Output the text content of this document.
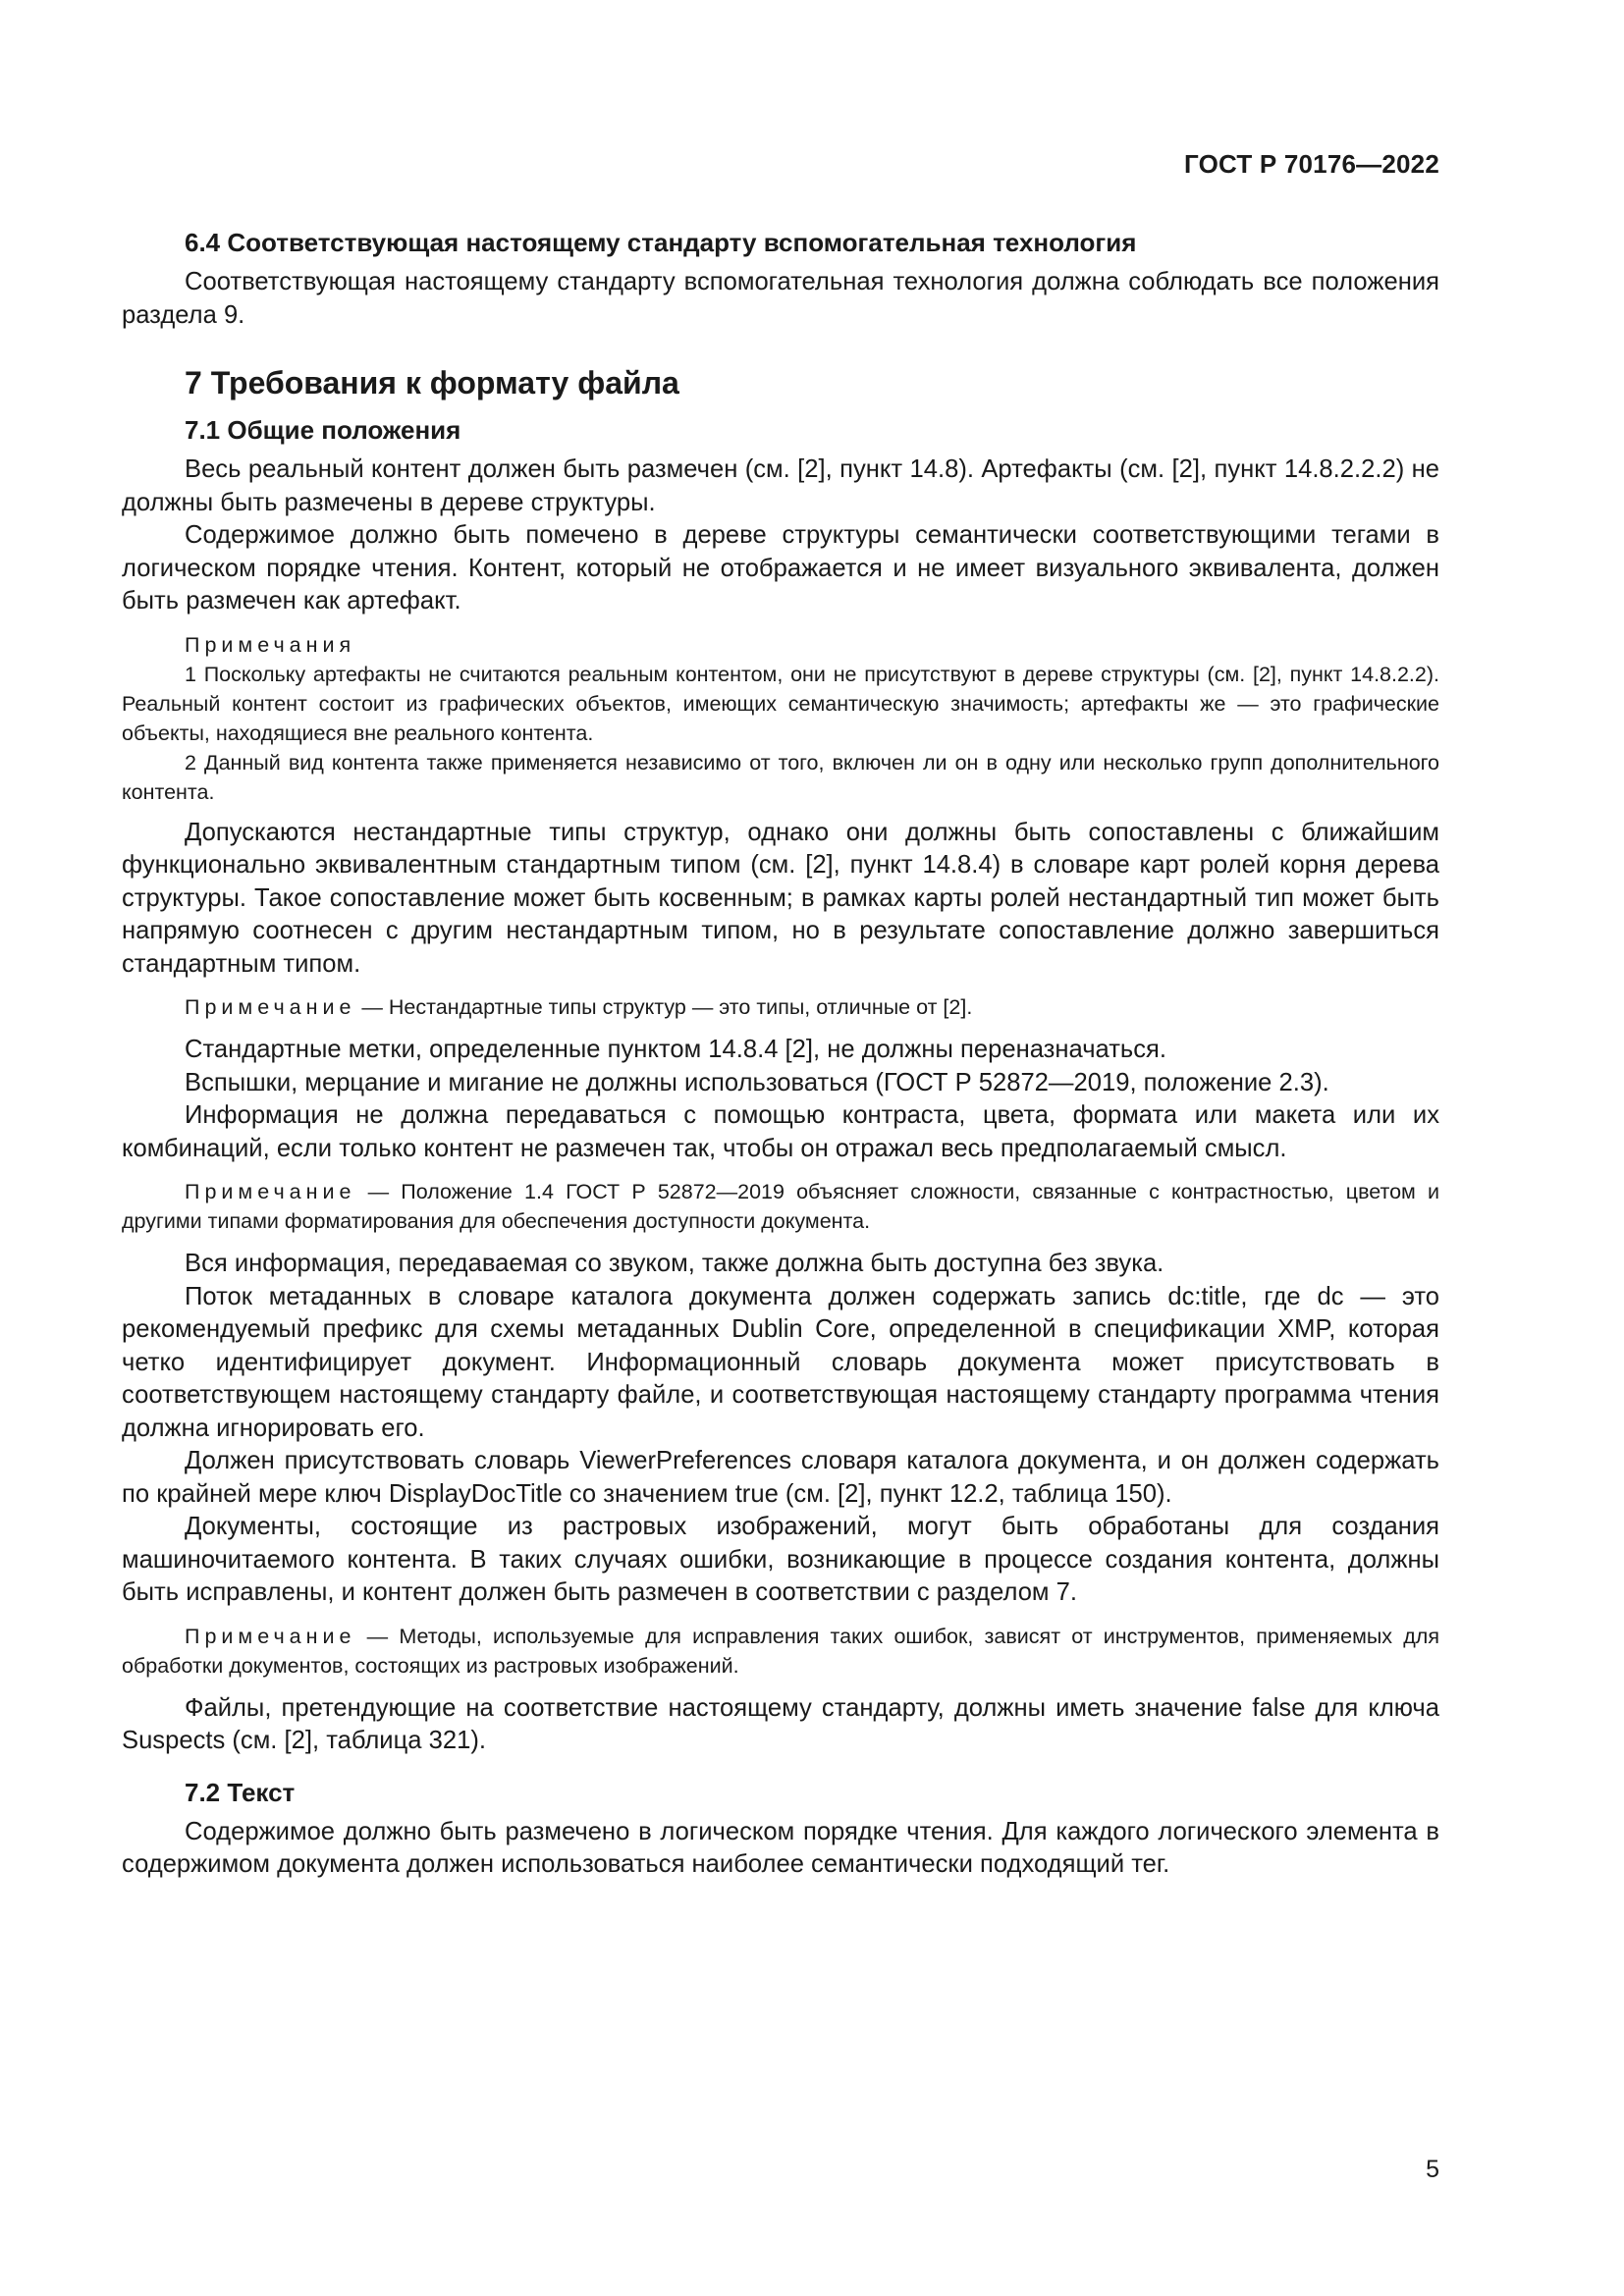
ГОСТ Р 70176—2022
6.4 Соответствующая настоящему стандарту вспомогательная технология

Соответствующая настоящему стандарту вспомогательная технология должна соблюдать все положения раздела 9.

7 Требования к формату файла
7.1 Общие положения

Весь реальный контент должен быть размечен (см. [2], пункт 14.8). Артефакты (см. [2], пункт 14.8.2.2.2) не должны быть размечены в дереве структуры.

Содержимое должно быть помечено в дереве структуры семантически соответствующими тегами в логическом порядке чтения. Контент, который не отображается и не имеет визуального эквивалента, должен быть размечен как артефакт.

Примечания

1 Поскольку артефакты не считаются реальным контентом, они не присутствуют в дереве структуры (см. [2], пункт 14.8.2.2). Реальный контент состоит из графических объектов, имеющих семантическую значимость; артефакты же — это графические объекты, находящиеся вне реального контента.

2 Данный вид контента также применяется независимо от того, включен ли он в одну или несколько групп дополнительного контента.

Допускаются нестандартные типы структур, однако они должны быть сопоставлены с ближайшим функционально эквивалентным стандартным типом (см. [2], пункт 14.8.4) в словаре карт ролей корня дерева структуры. Такое сопоставление может быть косвенным; в рамках карты ролей нестандартный тип может быть напрямую соотнесен с другим нестандартным типом, но в результате сопоставление должно завершиться стандартным типом.

Примечание — Нестандартные типы структур — это типы, отличные от [2].

Стандартные метки, определенные пунктом 14.8.4 [2], не должны переназначаться.

Вспышки, мерцание и мигание не должны использоваться (ГОСТ Р 52872—2019, положение 2.3).

Информация не должна передаваться с помощью контраста, цвета, формата или макета или их комбинаций, если только контент не размечен так, чтобы он отражал весь предполагаемый смысл.

Примечание — Положение 1.4 ГОСТ Р 52872—2019 объясняет сложности, связанные с контрастностью, цветом и другими типами форматирования для обеспечения доступности документа.

Вся информация, передаваемая со звуком, также должна быть доступна без звука.

Поток метаданных в словаре каталога документа должен содержать запись dc:title, где dc — это рекомендуемый префикс для схемы метаданных Dublin Core, определенной в спецификации XMP, которая четко идентифицирует документ. Информационный словарь документа может присутствовать в соответствующем настоящему стандарту файле, и соответствующая настоящему стандарту программа чтения должна игнорировать его.

Должен присутствовать словарь ViewerPreferences словаря каталога документа, и он должен содержать по крайней мере ключ DisplayDocTitle со значением true (см. [2], пункт 12.2, таблица 150).

Документы, состоящие из растровых изображений, могут быть обработаны для создания машиночитаемого контента. В таких случаях ошибки, возникающие в процессе создания контента, должны быть исправлены, и контент должен быть размечен в соответствии с разделом 7.

Примечание — Методы, используемые для исправления таких ошибок, зависят от инструментов, применяемых для обработки документов, состоящих из растровых изображений.

Файлы, претендующие на соответствие настоящему стандарту, должны иметь значение false для ключа Suspects (см. [2], таблица 321).

7.2 Текст

Содержимое должно быть размечено в логическом порядке чтения. Для каждого логического элемента в содержимом документа должен использоваться наиболее семантически подходящий тег.

5
